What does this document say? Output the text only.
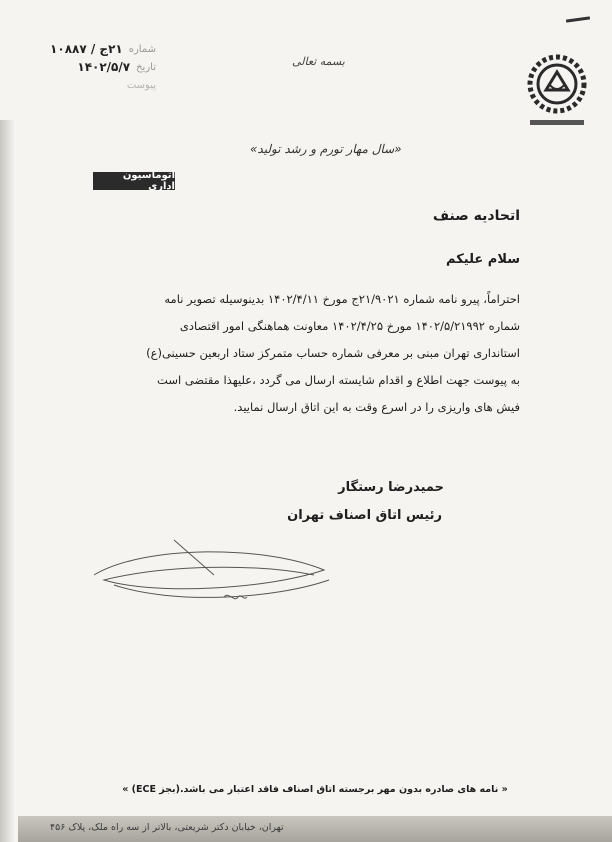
شماره
۲۱ج / ۱۰۸۸۷
تاریخ
۱۴۰۲/۵/۷
پیوست
بسمه تعالی
«سال مهار تورم و رشد تولید»
اتوماسیون اداری
اتحادیه صنف
سلام علیکم
احتراماً، پیرو نامه شماره ۲۱/۹۰۲۱ج مورخ ۱۴۰۲/۴/۱۱ بدینوسیله تصویر نامه
شماره ۱۴۰۲/۵/۲۱۹۹۲ مورخ ۱۴۰۲/۴/۲۵ معاونت هماهنگی امور اقتصادی
استانداری تهران مبنی بر معرفی شماره حساب متمرکز ستاد اربعین حسینی(ع)
به پیوست جهت اطلاع و اقدام شایسته ارسال می گردد ،علیهذا مقتضی است
فیش های واریزی را در اسرع وقت به این اتاق ارسال نمایید.
حمیدرضا رستگار
رئیس اتاق اصناف تهران
« نامه های صادره بدون مهر برجسته اتاق اصناف فاقد اعتبار می باشد.(بجز ECE) »
تهران، خیابان دکتر شریعتی، بالاتر از سه راه ملک، پلاک ۴۵۶
